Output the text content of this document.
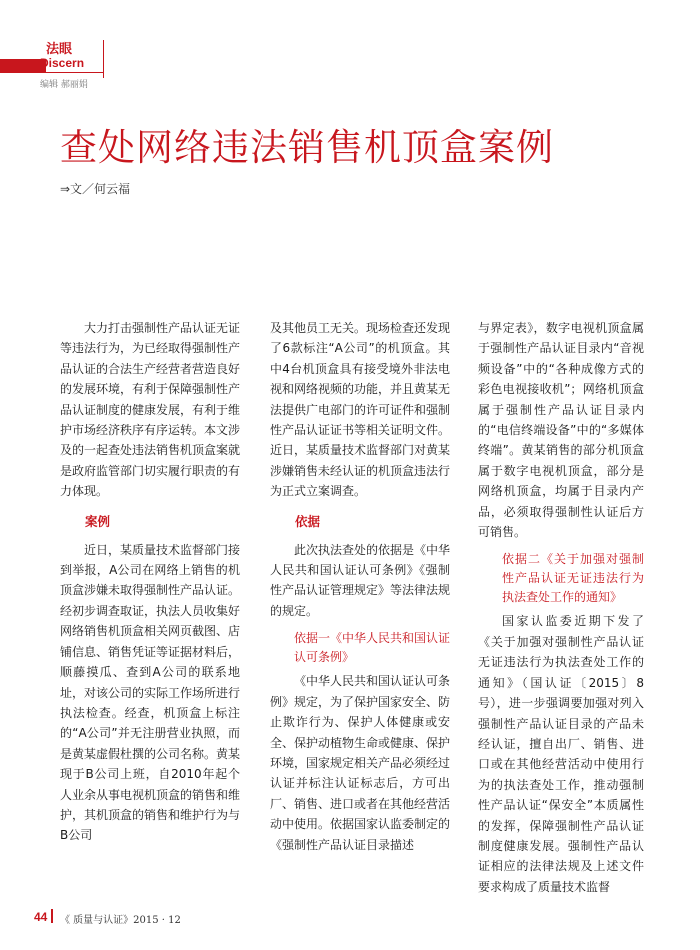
法眼
Discern
编辑 郝丽娟
查处网络违法销售机顶盒案例
⇒文／何云福

大力打击强制性产品认证无证等违法行为，为已经取得强制性产品认证的合法生产经营者营造良好的发展环境，有利于保障强制性产品认证制度的健康发展，有利于维护市场经济秩序有序运转。本文涉及的一起查处违法销售机顶盒案就是政府监管部门切实履行职责的有力体现。

案例

近日，某质量技术监督部门接到举报，A公司在网络上销售的机顶盒涉嫌未取得强制性产品认证。经初步调查取证，执法人员收集好网络销售机顶盒相关网页截图、店铺信息、销售凭证等证据材料后，顺藤摸瓜、查到A公司的联系地址，对该公司的实际工作场所进行执法检查。经查，机顶盒上标注的“A公司”并无注册营业执照，而是黄某虚假杜撰的公司名称。黄某现于B公司上班，自2010年起个人业余从事电视机顶盒的销售和维护，其机顶盒的销售和维护行为与B公司

及其他员工无关。现场检查还发现了6款标注“A公司”的机顶盒。其中4台机顶盒具有接受境外非法电视和网络视频的功能，并且黄某无法提供广电部门的许可证件和强制性产品认证证书等相关证明文件。近日，某质量技术监督部门对黄某涉嫌销售未经认证的机顶盒违法行为正式立案调查。

依据

此次执法查处的依据是《中华人民共和国认证认可条例》《强制性产品认证管理规定》等法律法规的规定。

依据一《中华人民共和国认证认可条例》

《中华人民共和国认证认可条例》规定，为了保护国家安全、防止欺诈行为、保护人体健康或安全、保护动植物生命或健康、保护环境，国家规定相关产品必须经过认证并标注认证标志后，方可出厂、销售、进口或者在其他经营活动中使用。依据国家认监委制定的《强制性产品认证目录描述

与界定表》，数字电视机顶盒属于强制性产品认证目录内“音视频设备”中的“各种成像方式的彩色电视接收机”；网络机顶盒属于强制性产品认证目录内的“电信终端设备”中的“多媒体终端”。黄某销售的部分机顶盒属于数字电视机顶盒，部分是网络机顶盒，均属于目录内产品，必须取得强制性认证后方可销售。

依据二《关于加强对强制性产品认证无证违法行为执法查处工作的通知》

国家认监委近期下发了《关于加强对强制性产品认证无证违法行为执法查处工作的通知》（国认证〔2015〕8号），进一步强调要加强对列入强制性产品认证目录的产品未经认证，擅自出厂、销售、进口或在其他经营活动中使用行为的执法查处工作，推动强制性产品认证“保安全”本质属性的发挥，保障强制性产品认证制度健康发展。强制性产品认证相应的法律法规及上述文件要求构成了质量技术监督

44 《 质量与认证》2015 · 12
